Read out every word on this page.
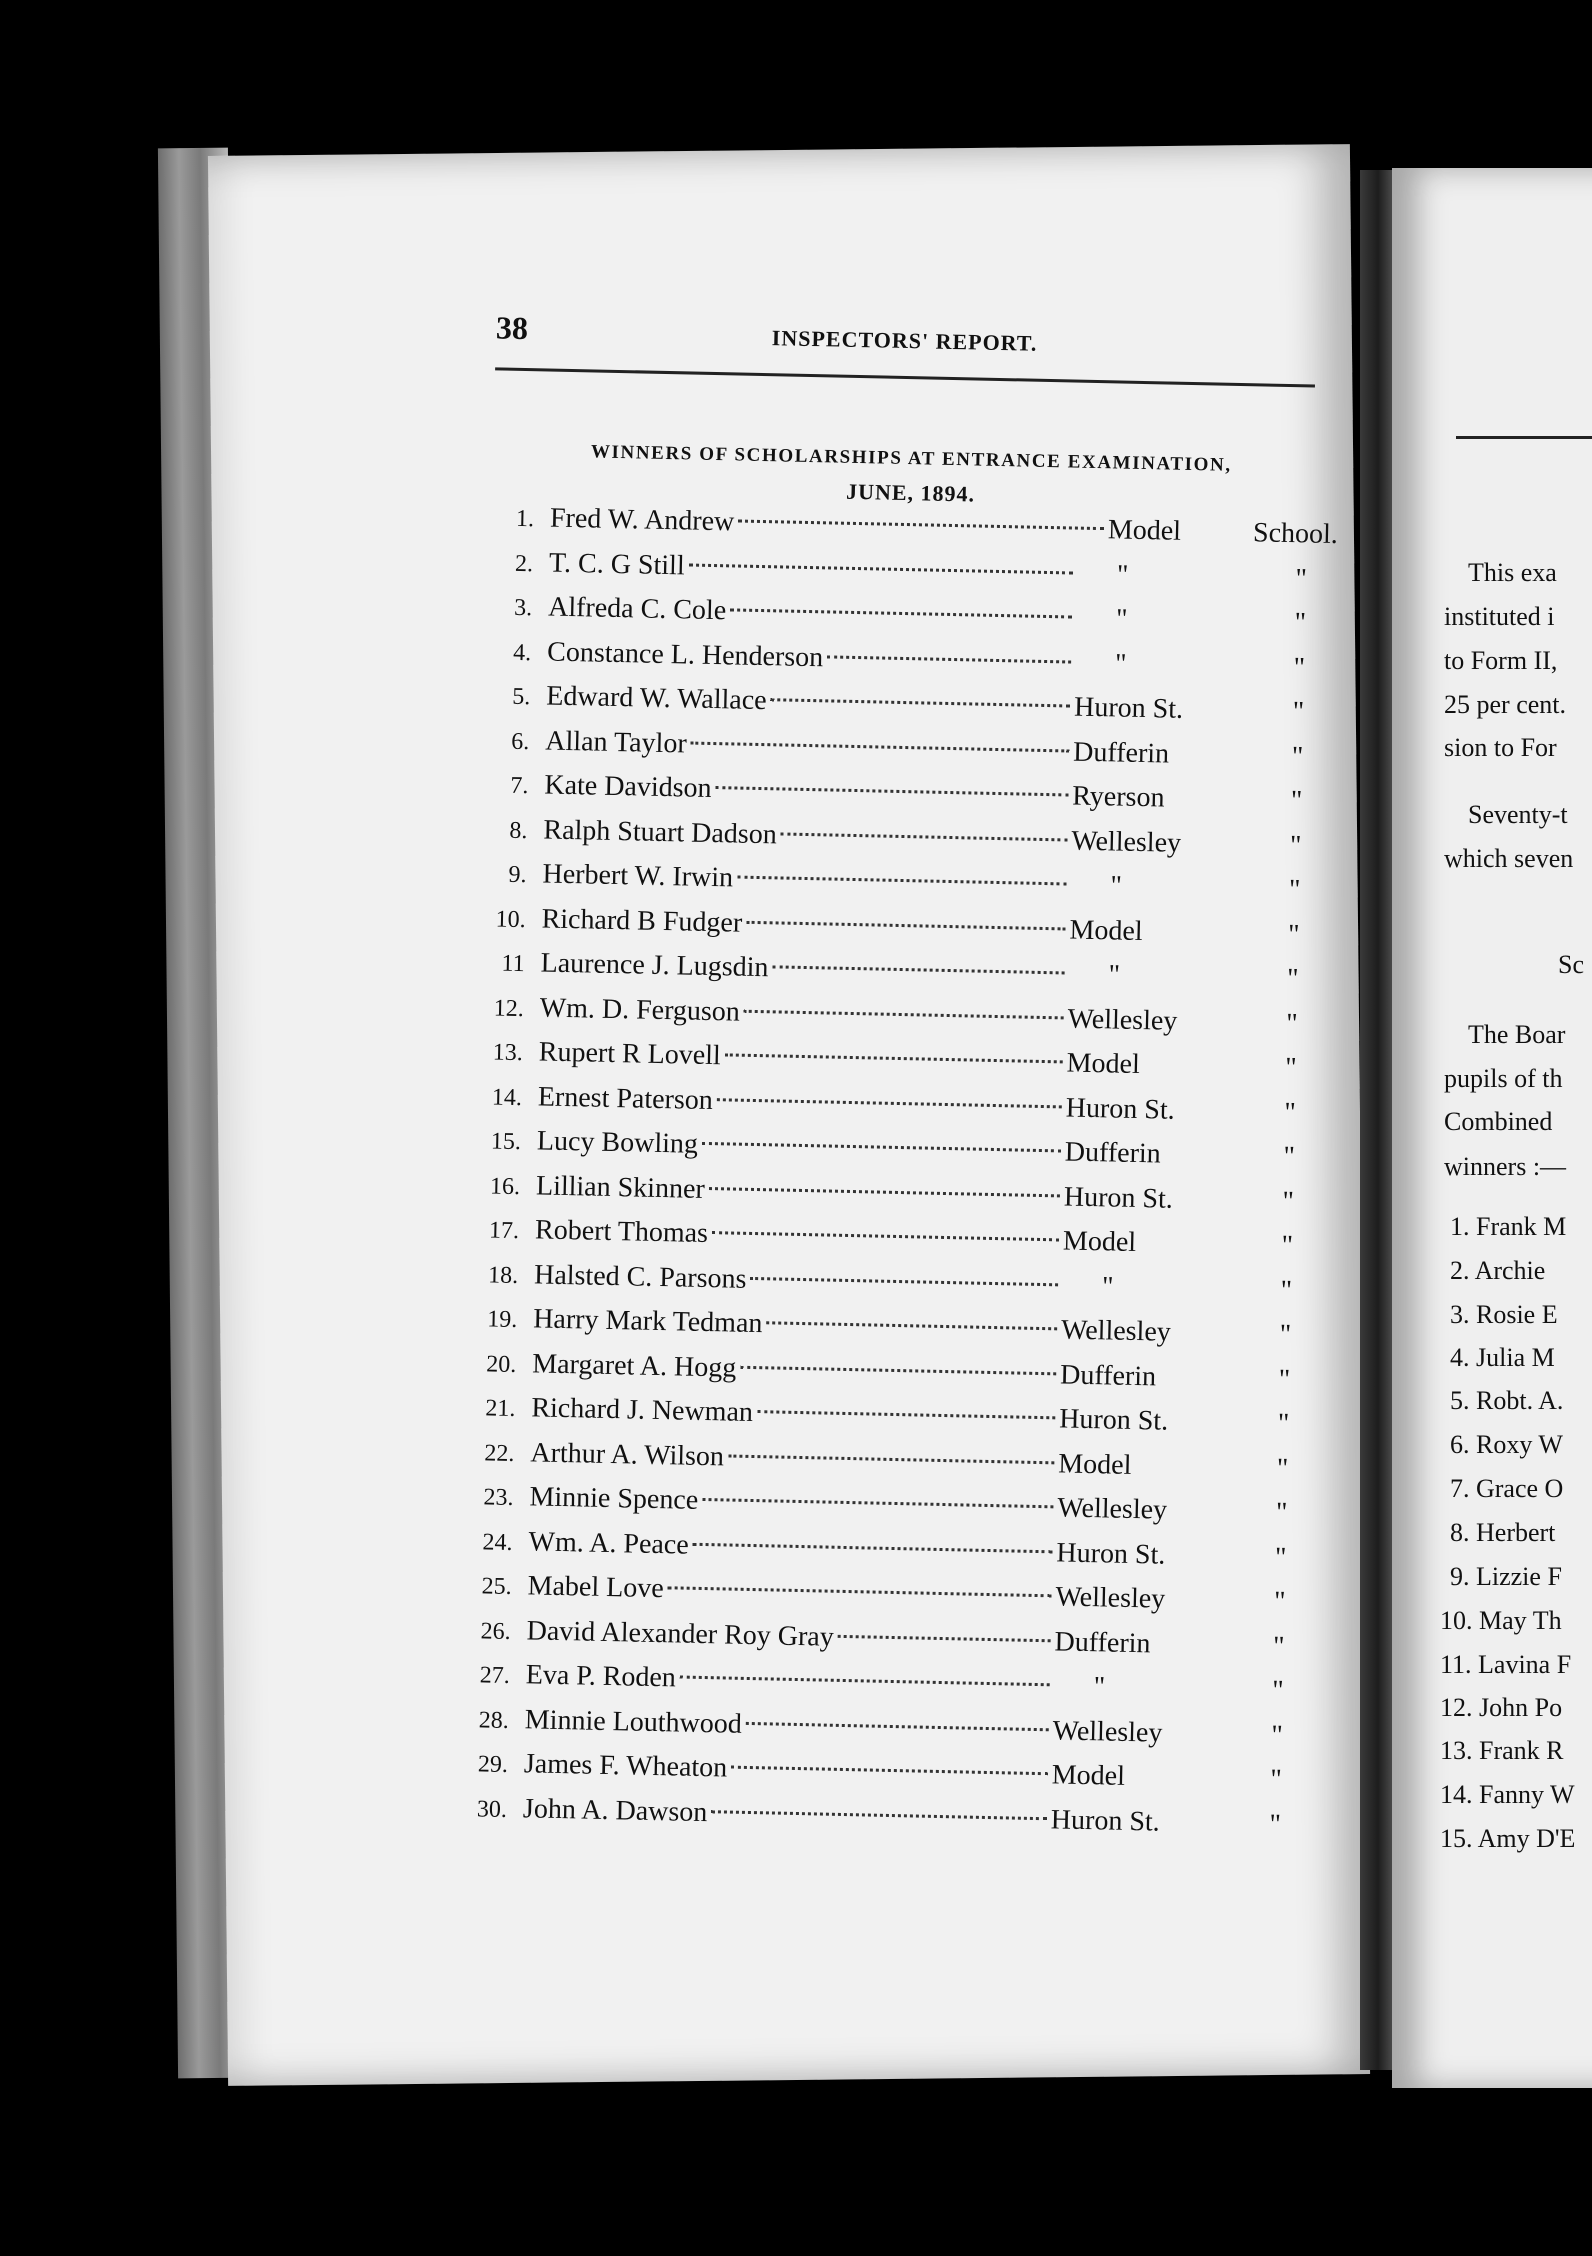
38	INSPECTORS' REPORT.
WINNERS OF SCHOLARSHIPS AT ENTRANCE EXAMINATION,
JUNE, 1894.
1. Fred W. Andrew	Model	School.
2. T. C. G Still	"	"
3. Alfreda C. Cole	"	"
4. Constance L. Henderson	"	"
5. Edward W. Wallace	Huron St.	"
6. Allan Taylor	Dufferin	"
7. Kate Davidson	Ryerson	"
8. Ralph Stuart Dadson	Wellesley	"
9. Herbert W. Irwin	"	"
10. Richard B Fudger	Model	"
11 Laurence J. Lugsdin	"	"
12. Wm. D. Ferguson	Wellesley	"
13. Rupert R Lovell	Model	"
14. Ernest Paterson	Huron St.	"
15. Lucy Bowling	Dufferin	"
16. Lillian Skinner	Huron St.	"
17. Robert Thomas	Model	"
18. Halsted C. Parsons	"	"
19. Harry Mark Tedman	Wellesley	"
20. Margaret A. Hogg	Dufferin	"
21. Richard J. Newman	Huron St.	"
22. Arthur A. Wilson	Model	"
23. Minnie Spence	Wellesley	"
24. Wm. A. Peace	Huron St.	"
25. Mabel Love	Wellesley	"
26. David Alexander Roy Gray	Dufferin	"
27. Eva P. Roden	"	"
28. Minnie Louthwood	Wellesley	"
29. James F. Wheaton	Model	"
30. John A. Dawson	Huron St.	"
This exa
instituted i
to Form II,
25 per cent.
sion to For
Seventy-t
which seven
Sc
The Boar
pupils of th
Combined
winners :—
1. Frank M
2. Archie
3. Rosie E
4. Julia M
5. Robt. A.
6. Roxy W
7. Grace O
8. Herbert
9. Lizzie F
10. May Th
11. Lavina F
12. John Po
13. Frank R
14. Fanny W
15. Amy D'E
